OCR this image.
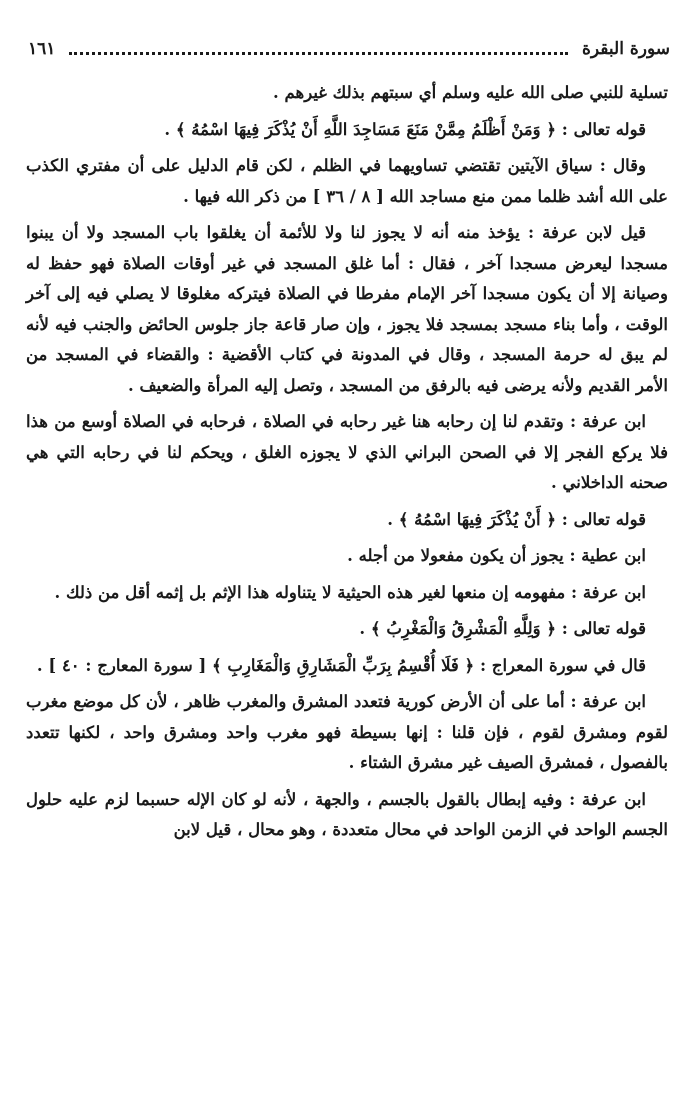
سورة البقرة
١٦١

تسلية للنبي صلى الله عليه وسلم أي سبتهم بذلك غيرهم .

قوله تعالى : ﴿ وَمَنْ أَظْلَمُ مِمَّنْ مَنَعَ مَسَاجِدَ اللَّهِ أَنْ يُذْكَرَ فِيهَا اسْمُهُ ﴾ .

وقال : سياق الآيتين تقتضي تساويهما في الظلم ، لكن قام الدليل على أن مفتري الكذب على الله أشد ظلما ممن منع مساجد الله [ ٨ / ٣٦ ] من ذكر الله فيها .

قيل لابن عرفة : يؤخذ منه أنه لا يجوز لنا ولا للأئمة أن يغلقوا باب المسجد ولا أن يبنوا مسجدا ليعرض مسجدا آخر ، فقال : أما غلق المسجد في غير أوقات الصلاة فهو حفظ له وصيانة إلا أن يكون مسجدا آخر الإمام مفرطا في الصلاة فيتركه مغلوقا لا يصلي فيه إلى آخر الوقت ، وأما بناء مسجد بمسجد فلا يجوز ، وإن صار قاعة جاز جلوس الحائض والجنب فيه لأنه لم يبق له حرمة المسجد ، وقال في المدونة في كتاب الأقضية : والقضاء في المسجد من الأمر القديم ولأنه يرضى فيه بالرفق من المسجد ، وتصل إليه المرأة والضعيف .

ابن عرفة : وتقدم لنا إن رحابه هنا غير رحابه في الصلاة ، فرحابه في الصلاة أوسع من هذا فلا يركع الفجر إلا في الصحن البراني الذي لا يجوزه الغلق ، ويحكم لنا في رحابه التي هي صحنه الداخلاني .

قوله تعالى : ﴿ أَنْ يُذْكَرَ فِيهَا اسْمُهُ ﴾ .

ابن عطية : يجوز أن يكون مفعولا من أجله .

ابن عرفة : مفهومه إن منعها لغير هذه الحيثية لا يتناوله هذا الإثم بل إثمه أقل من ذلك .

قوله تعالى : ﴿ وَلِلَّهِ الْمَشْرِقُ وَالْمَغْرِبُ ﴾ .

قال في سورة المعراج : ﴿ فَلَا أُقْسِمُ بِرَبِّ الْمَشَارِقِ وَالْمَغَارِبِ ﴾ [ سورة المعارج : ٤٠ ] .

ابن عرفة : أما على أن الأرض كورية فتعدد المشرق والمغرب ظاهر ، لأن كل موضع مغرب لقوم ومشرق لقوم ، فإن قلنا : إنها بسيطة فهو مغرب واحد ومشرق واحد ، لكنها تتعدد بالفصول ، فمشرق الصيف غير مشرق الشتاء .

ابن عرفة : وفيه إبطال بالقول بالجسم ، والجهة ، لأنه لو كان الإله حسبما لزم عليه حلول الجسم الواحد في الزمن الواحد في محال متعددة ، وهو محال ، قيل لابن
